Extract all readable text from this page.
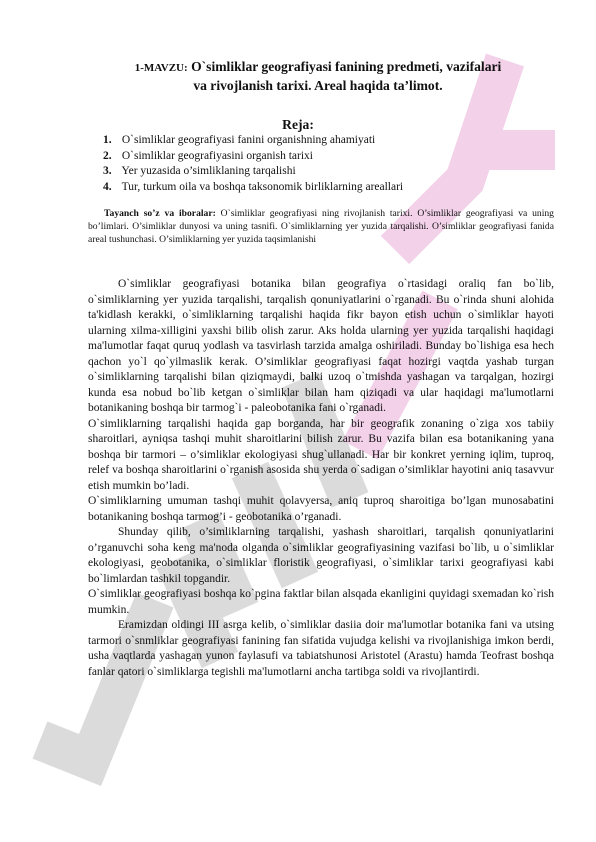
1-MAVZU: O`simliklar geografiyasi fanining predmeti, vazifalari
va rivojlanish tarixi. Areal haqida ta’limot.
Reja:
1. O`simliklar geografiyasi fanini organishning ahamiyati
2. O`simliklar geografiyasini organish tarixi
3. Yer yuzasida o’simliklaning tarqalishi
4. Tur, turkum oila va boshqa taksonomik birliklarning areallari
Tayanch so’z va iboralar: O`simliklar geografiyasi ning rivojlanish tarixi. O’simliklar geografiyasi va uning bo’limlari. O’simliklar dunyosi va uning tasnifi. O`simliklarning yer yuzida tarqalishi. O’simliklar geografiyasi fanida areal tushunchasi. O’simliklarning yer yuzida taqsimlanishi

O`simliklar geografiyasi botanika bilan geografiya o`rtasidagi oraliq fan bo`lib, o`simliklarning yer yuzida tarqalishi, tarqalish qonuniyatlarini o`rganadi. Bu o`rinda shuni alohida ta'kidlash kerakki, o`simliklarning tarqalishi haqida fikr bayon etish uchun o`simliklar hayoti ularning xilma-xilligini yaxshi bilib olish zarur. Aks holda ularning yer yuzida tarqalishi haqidagi ma'lumotlar faqat quruq yodlash va tasvirlash tarzida amalga oshiriladi. Bunday bo`lishiga esa hech qachon yo`l qo`yilmaslik kerak. O’simliklar geografiyasi faqat hozirgi vaqtda yashab turgan o`simliklarning tarqalishi bilan qiziqmaydi, balki uzoq o`tmishda yashagan va tarqalgan, hozirgi kunda esa nobud bo`lib ketgan o`simliklar bilan ham qiziqadi va ular haqidagi ma'lumotlarni botanikaning boshqa bir tarmog`i - paleobotanika fani o`rganadi.

O`simliklarning tarqalishi haqida gap borganda, har bir geografik zonaning o`ziga xos tabiiy sharoitlari, ayniqsa tashqi muhit sharoitlarini bilish zarur. Bu vazifa bilan esa botanikaning yana boshqa bir tarmori – o’simliklar ekologiyasi shug`ullanadi. Har bir konkret yerning iqlim, tuproq, relef va boshqa sharoitlarini o`rganish asosida shu yerda o`sadigan o’simliklar hayotini aniq tasavvur etish mumkin bo’ladi.

O`simliklarning umuman tashqi muhit qolavyersa, aniq tuproq sharoitiga bo’lgan munosabatini botanikaning boshqa tarmog’i - geobotanika o’rganadi.

Shunday qilib, o’simliklarning tarqalishi, yashash sharoitlari, tarqalish qonuniyatlarini o’rganuvchi soha keng ma'noda olganda o`simliklar geografiyasining vazifasi bo`lib, u o`simliklar ekologiyasi, geobotanika, o`simliklar floristik geografiyasi, o`simliklar tarixi geografiyasi kabi bo`limlardan tashkil topgandir.

O`simliklar geografiyasi boshqa ko`pgina faktlar bilan alsqada ekanligini quyidagi sxemadan ko`rish mumkin.

Eramizdan oldingi III asrga kelib, o`simliklar dasiia doir ma'lumotlar botanika fani va utsing tarmori o`snmliklar geografiyasi fanining fan sifatida vujudga kelishi va rivojlanishiga imkon berdi, usha vaqtlarda yashagan yunon faylasufi va tabiatshunosi Aristotel (Arastu) hamda Teofrast boshqa fanlar qatori o`simliklarga tegishli ma'lumotlarni ancha tartibga soldi va rivojlantirdi.
